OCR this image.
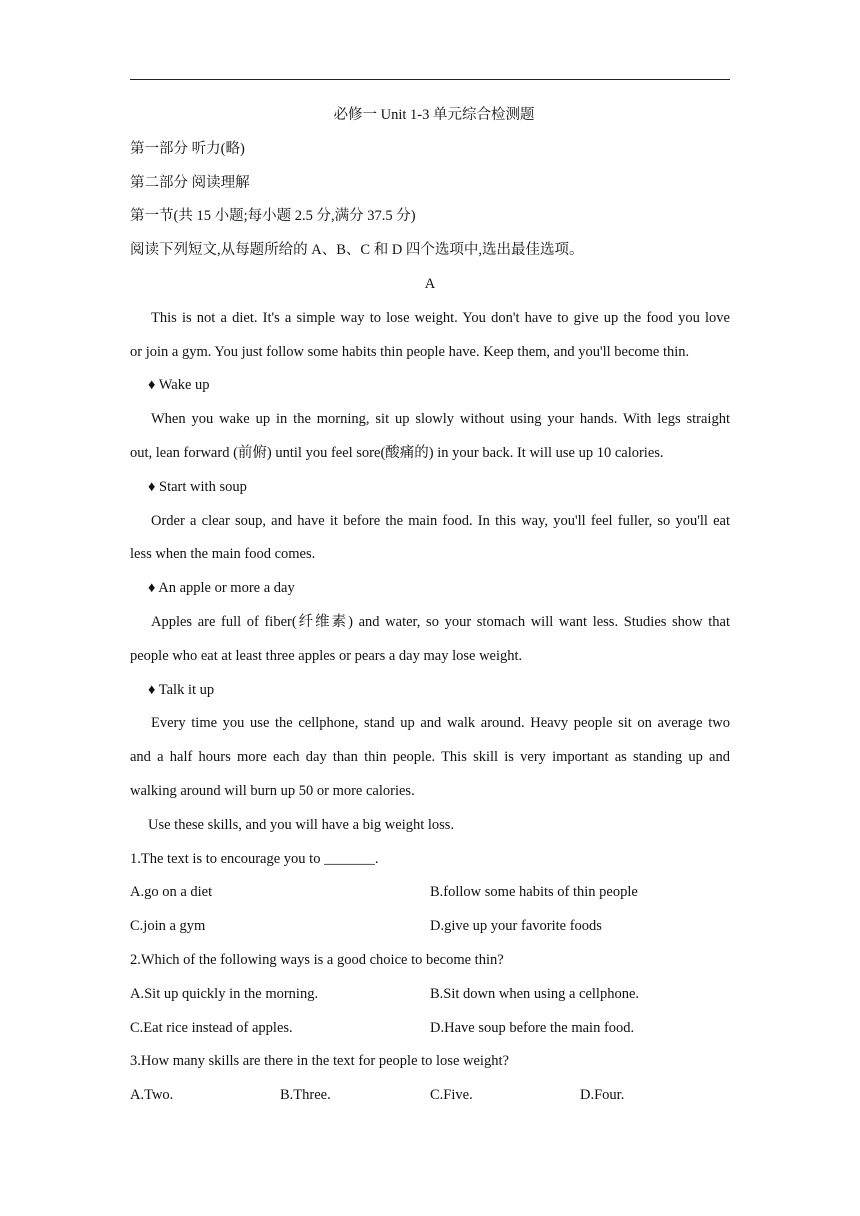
必修一 Unit 1-3 单元综合检测题
第一部分 听力(略)
第二部分 阅读理解
第一节(共 15 小题;每小题 2.5 分,满分 37.5 分)
阅读下列短文,从每题所给的 A、B、C 和 D 四个选项中,选出最佳选项。
A
This is not a diet. It's a simple way to lose weight. You don't have to give up the food you love
or join a gym. You just follow some habits thin people have. Keep them, and you'll become thin.
♦ Wake up
When you wake up in the morning, sit up slowly without using your hands. With legs straight
out, lean forward (前俯) until you feel sore(酸痛的) in your back. It will use up 10 calories.
♦ Start with soup
Order a clear soup, and have it before the main food. In this way, you'll feel fuller, so you'll eat
less when the main food comes.
♦ An apple or more a day
Apples are full of fiber(纤维素) and water, so your stomach will want less. Studies show that
people who eat at least three apples or pears a day may lose weight.
♦ Talk it up
Every time you use the cellphone, stand up and walk around. Heavy people sit on average two
and a half hours more each day than thin people. This skill is very important as standing up and
walking around will burn up 50 or more calories.
Use these skills, and you will have a big weight loss.
1.The text is to encourage you to _______.
A.go on a diet	B.follow some habits of thin people
C.join a gym	D.give up your favorite foods
2.Which of the following ways is a good choice to become thin?
A.Sit up quickly in the morning.	B.Sit down when using a cellphone.
C.Eat rice instead of apples.	D.Have soup before the main food.
3.How many skills are there in the text for people to lose weight?
A.Two.	B.Three.	C.Five.	D.Four.
